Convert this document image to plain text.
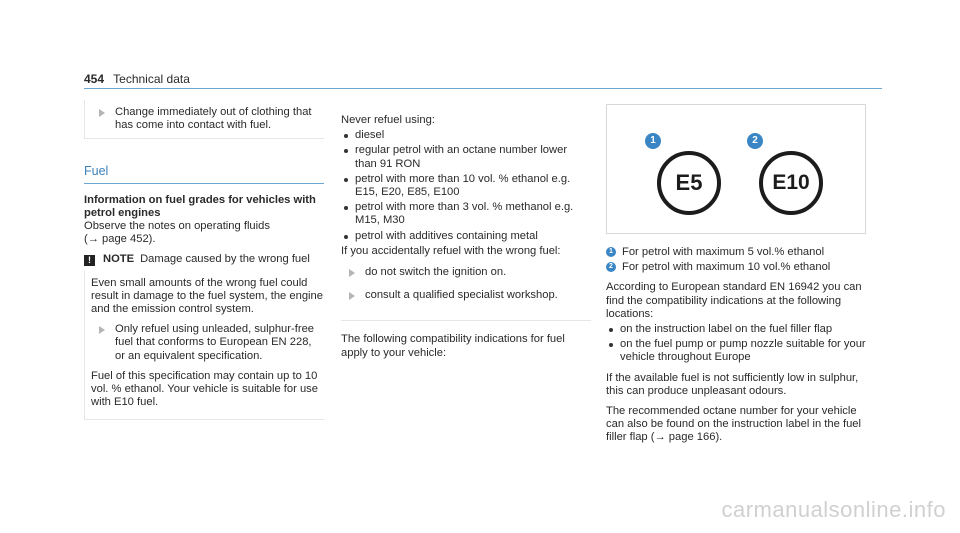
454 Technical data
Change immediately out of clothing that has come into contact with fuel.
Fuel

Information on fuel grades for vehicles with petrol engines

Observe the notes on operating fluids

(→ page 452).

!	NOTE Damage caused by the wrong fuel

Even small amounts of the wrong fuel could result in damage to the fuel system, the engine and the emission control system.

Only refuel using unleaded, sulphur-free fuel that conforms to European EN 228, or an equivalent specification.

Fuel of this specification may contain up to 10 vol. % ethanol. Your vehicle is suitable for use with E10 fuel.

Never refuel using:

diesel
regular petrol with an octane number lower than 91 RON
petrol with more than 10 vol. % ethanol e.g. E15, E20, E85, E100
petrol with more than 3 vol. % methanol e.g. M15, M30
petrol with additives containing metal

If you accidentally refuel with the wrong fuel:

do not switch the ignition on.
consult a qualified specialist workshop.

The following compatibility indications for fuel apply to your vehicle:

1	2
E5	E10
1 For petrol with maximum 5 vol.% ethanol
2 For petrol with maximum 10 vol.% ethanol

According to European standard EN 16942 you can find the compatibility indications at the following locations:

on the instruction label on the fuel filler flap
on the fuel pump or pump nozzle suitable for your vehicle throughout Europe

If the available fuel is not sufficiently low in sulphur, this can produce unpleasant odours.

The recommended octane number for your vehicle can also be found on the instruction label in the fuel filler flap (→ page 166).

carmanualsonline.info
